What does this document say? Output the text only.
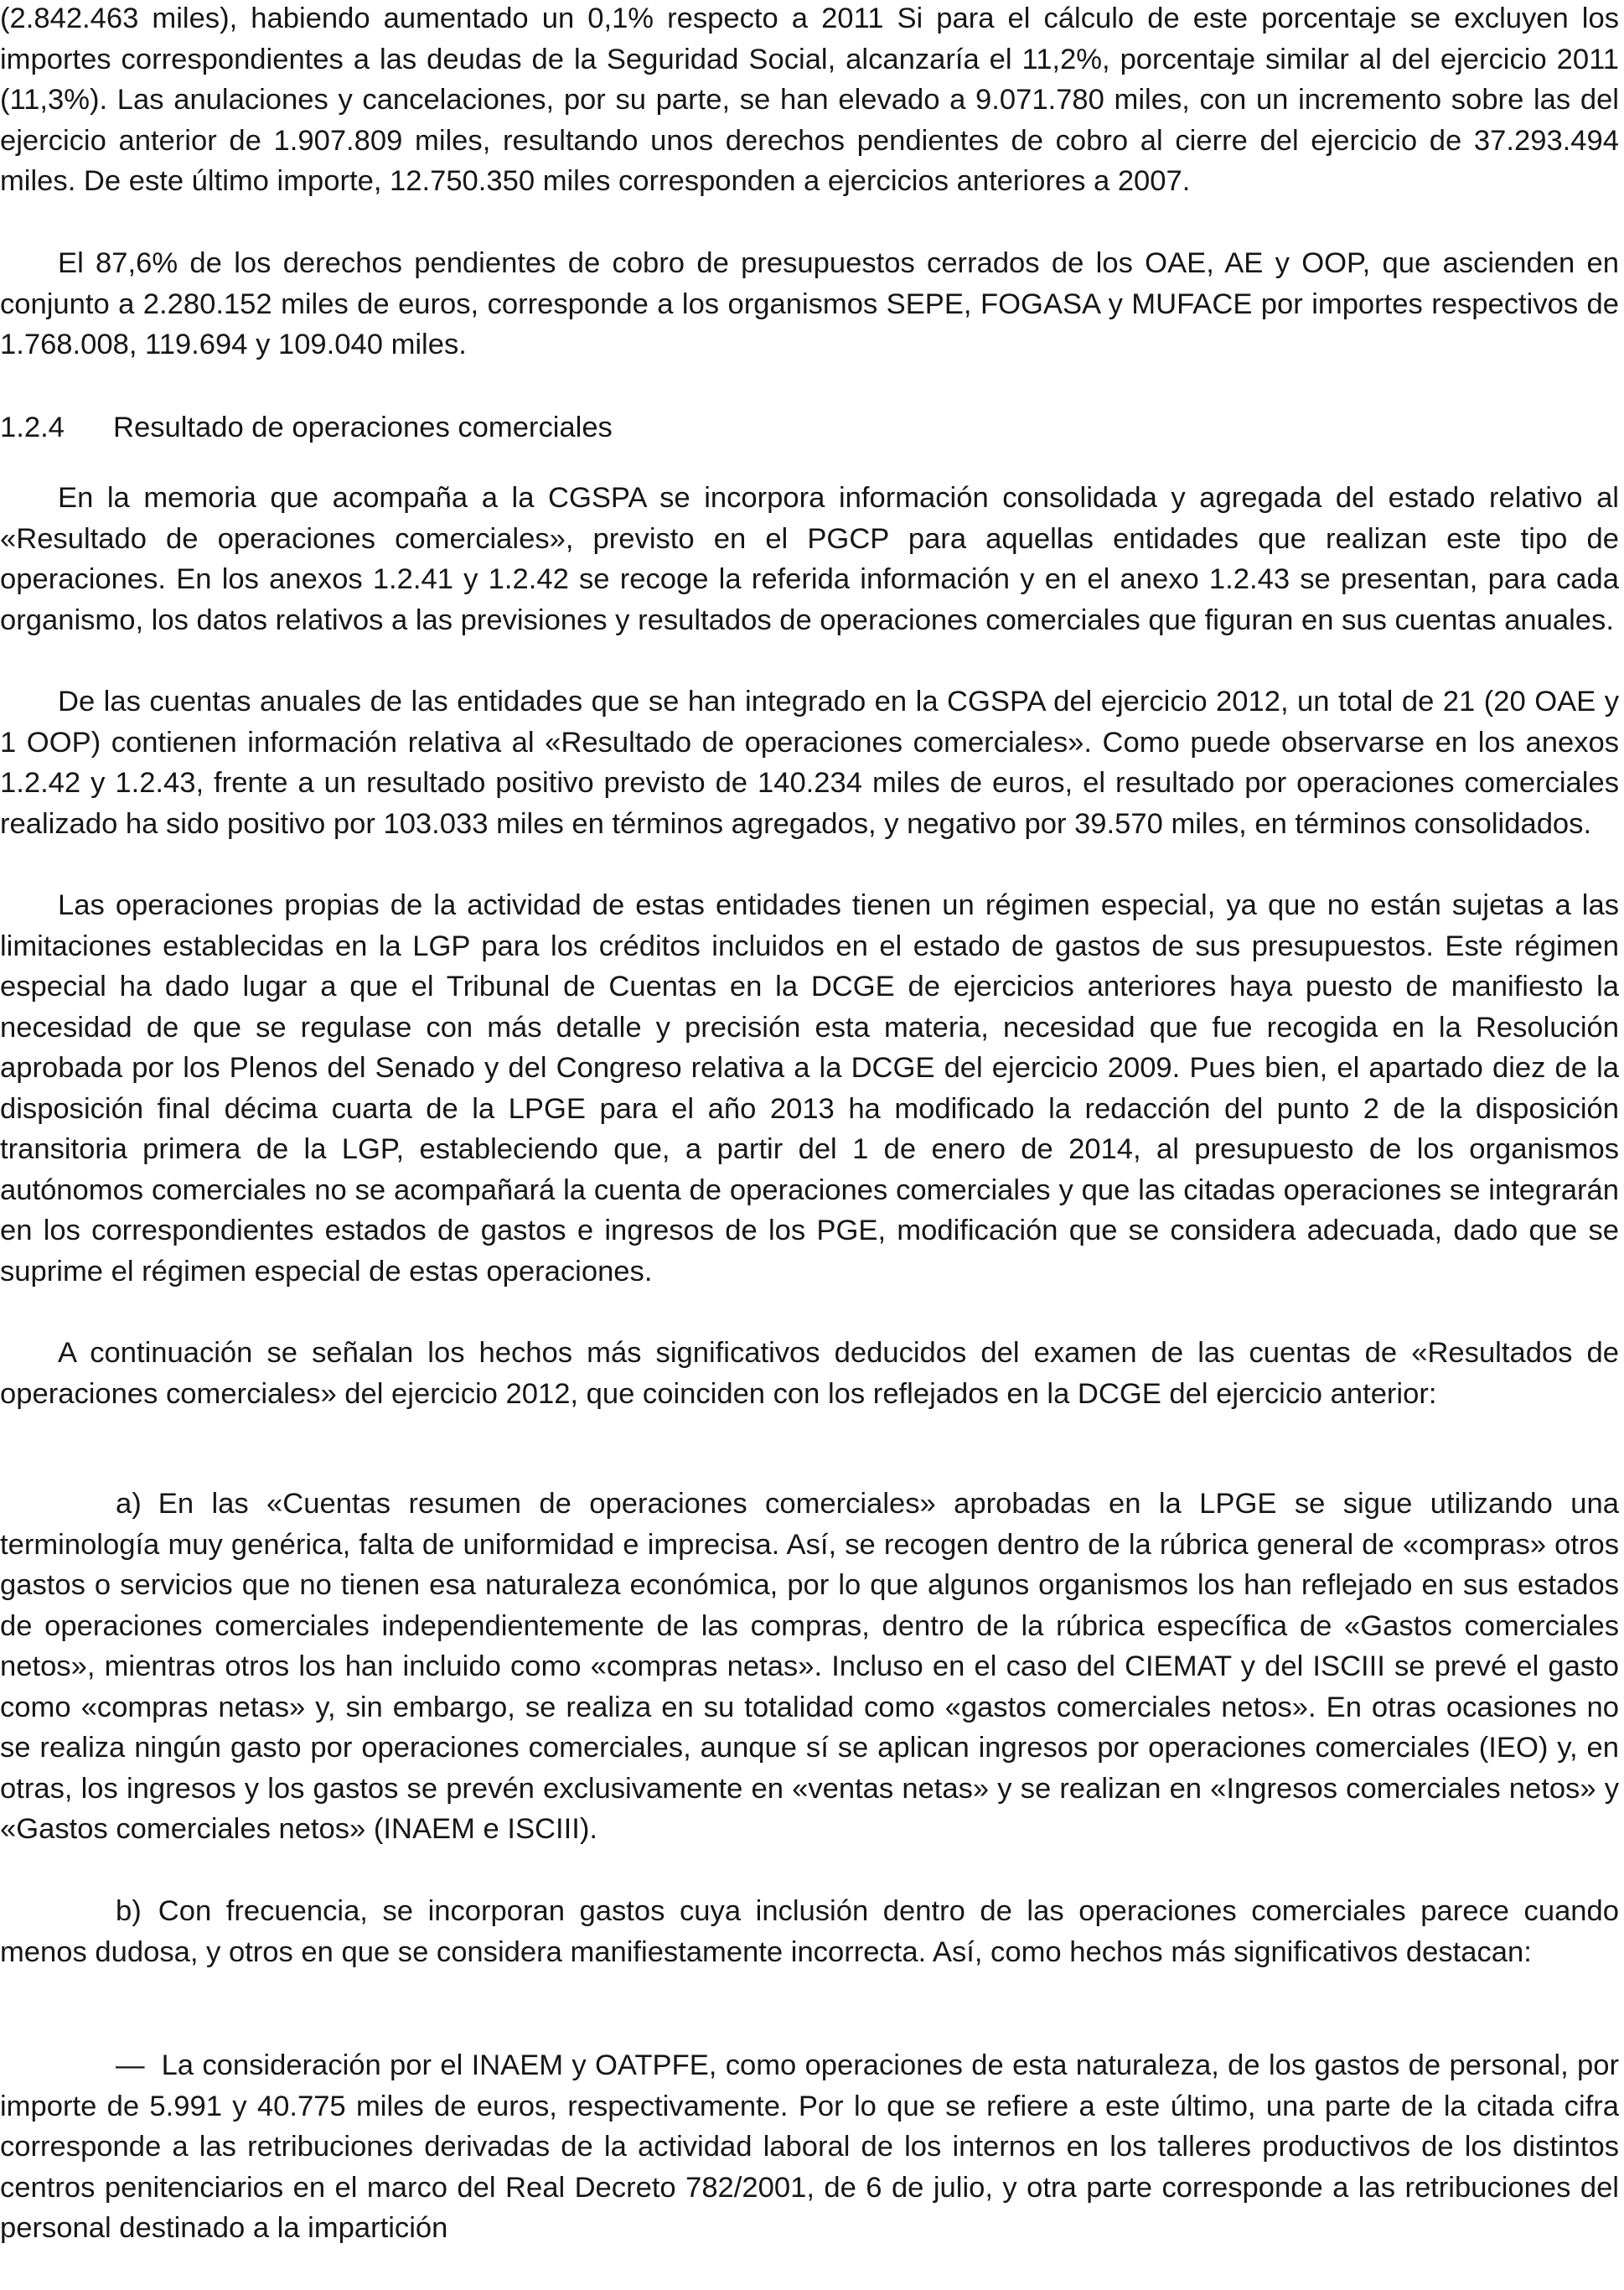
(2.842.463 miles), habiendo aumentado un 0,1% respecto a 2011 Si para el cálculo de este porcentaje se excluyen los importes correspondientes a las deudas de la Seguridad Social, alcanzaría el 11,2%, porcentaje similar al del ejercicio 2011 (11,3%). Las anulaciones y cancelaciones, por su parte, se han elevado a 9.071.780 miles, con un incremento sobre las del ejercicio anterior de 1.907.809 miles, resultando unos derechos pendientes de cobro al cierre del ejercicio de 37.293.494 miles. De este último importe, 12.750.350 miles corresponden a ejercicios anteriores a 2007.

El 87,6% de los derechos pendientes de cobro de presupuestos cerrados de los OAE, AE y OOP, que ascienden en conjunto a 2.280.152 miles de euros, corresponde a los organismos SEPE, FOGASA y MUFACE por importes respectivos de 1.768.008, 119.694 y 109.040 miles.

1.2.4 Resultado de operaciones comerciales

En la memoria que acompaña a la CGSPA se incorpora información consolidada y agregada del estado relativo al «Resultado de operaciones comerciales», previsto en el PGCP para aquellas entidades que realizan este tipo de operaciones. En los anexos 1.2.41 y 1.2.42 se recoge la referida información y en el anexo 1.2.43 se presentan, para cada organismo, los datos relativos a las previsiones y resultados de operaciones comerciales que figuran en sus cuentas anuales.

De las cuentas anuales de las entidades que se han integrado en la CGSPA del ejercicio 2012, un total de 21 (20 OAE y 1 OOP) contienen información relativa al «Resultado de operaciones comerciales». Como puede observarse en los anexos 1.2.42 y 1.2.43, frente a un resultado positivo previsto de 140.234 miles de euros, el resultado por operaciones comerciales realizado ha sido positivo por 103.033 miles en términos agregados, y negativo por 39.570 miles, en términos consolidados.

Las operaciones propias de la actividad de estas entidades tienen un régimen especial, ya que no están sujetas a las limitaciones establecidas en la LGP para los créditos incluidos en el estado de gastos de sus presupuestos. Este régimen especial ha dado lugar a que el Tribunal de Cuentas en la DCGE de ejercicios anteriores haya puesto de manifiesto la necesidad de que se regulase con más detalle y precisión esta materia, necesidad que fue recogida en la Resolución aprobada por los Plenos del Senado y del Congreso relativa a la DCGE del ejercicio 2009. Pues bien, el apartado diez de la disposición final décima cuarta de la LPGE para el año 2013 ha modificado la redacción del punto 2 de la disposición transitoria primera de la LGP, estableciendo que, a partir del 1 de enero de 2014, al presupuesto de los organismos autónomos comerciales no se acompañará la cuenta de operaciones comerciales y que las citadas operaciones se integrarán en los correspondientes estados de gastos e ingresos de los PGE, modificación que se considera adecuada, dado que se suprime el régimen especial de estas operaciones.

A continuación se señalan los hechos más significativos deducidos del examen de las cuentas de «Resultados de operaciones comerciales» del ejercicio 2012, que coinciden con los reflejados en la DCGE del ejercicio anterior:

a) En las «Cuentas resumen de operaciones comerciales» aprobadas en la LPGE se sigue utilizando una terminología muy genérica, falta de uniformidad e imprecisa. Así, se recogen dentro de la rúbrica general de «compras» otros gastos o servicios que no tienen esa naturaleza económica, por lo que algunos organismos los han reflejado en sus estados de operaciones comerciales independientemente de las compras, dentro de la rúbrica específica de «Gastos comerciales netos», mientras otros los han incluido como «compras netas». Incluso en el caso del CIEMAT y del ISCIII se prevé el gasto como «compras netas» y, sin embargo, se realiza en su totalidad como «gastos comerciales netos». En otras ocasiones no se realiza ningún gasto por operaciones comerciales, aunque sí se aplican ingresos por operaciones comerciales (IEO) y, en otras, los ingresos y los gastos se prevén exclusivamente en «ventas netas» y se realizan en «Ingresos comerciales netos» y «Gastos comerciales netos» (INAEM e ISCIII).

b) Con frecuencia, se incorporan gastos cuya inclusión dentro de las operaciones comerciales parece cuando menos dudosa, y otros en que se considera manifiestamente incorrecta. Así, como hechos más significativos destacan:

— La consideración por el INAEM y OATPFE, como operaciones de esta naturaleza, de los gastos de personal, por importe de 5.991 y 40.775 miles de euros, respectivamente. Por lo que se refiere a este último, una parte de la citada cifra corresponde a las retribuciones derivadas de la actividad laboral de los internos en los talleres productivos de los distintos centros penitenciarios en el marco del Real Decreto 782/2001, de 6 de julio, y otra parte corresponde a las retribuciones del personal destinado a la impartición
